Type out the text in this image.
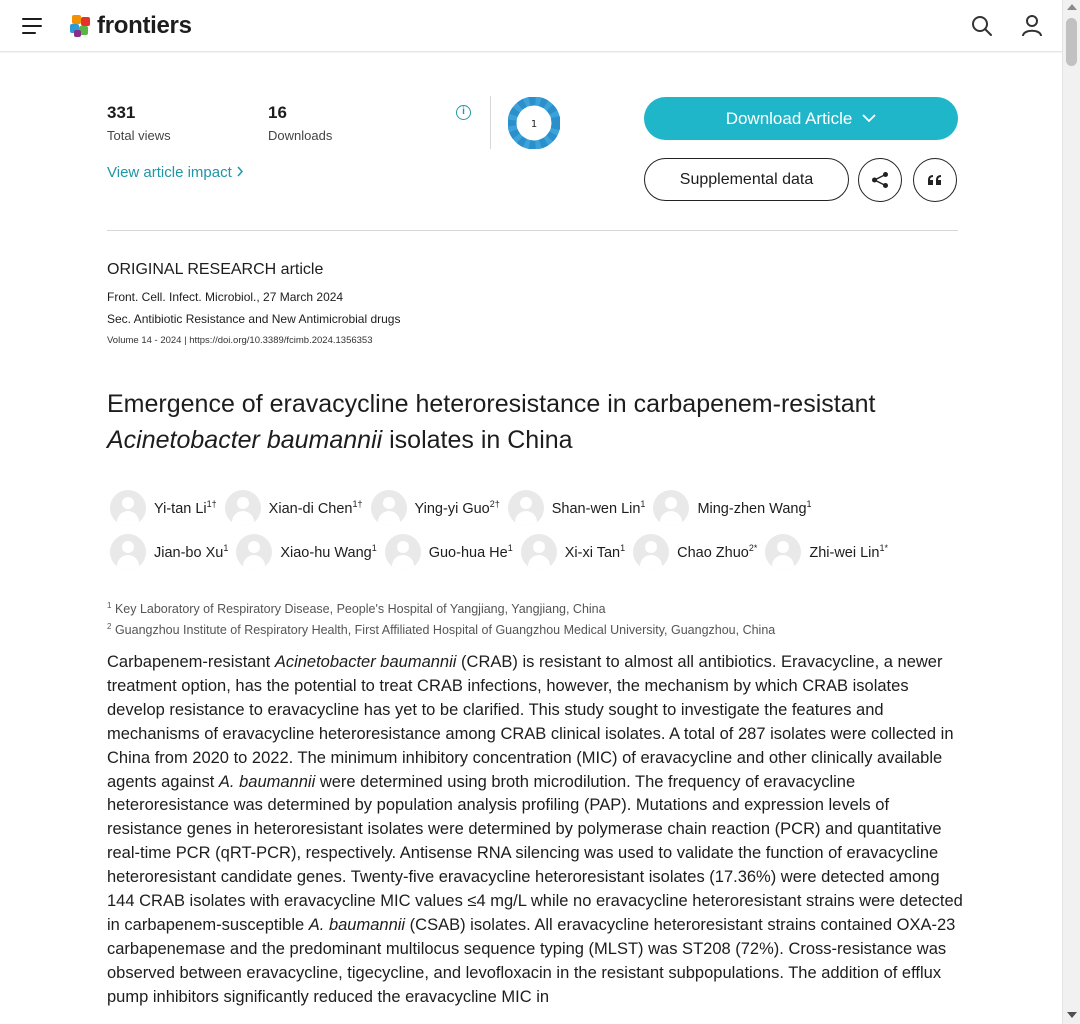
frontiers
331
Total views
16
Downloads
i
View article impact
1	Download Article
Supplemental data
ORIGINAL RESEARCH article
Front. Cell. Infect. Microbiol., 27 March 2024
Sec. Antibiotic Resistance and New Antimicrobial drugs
Volume 14 - 2024 | https://doi.org/10.3389/fcimb.2024.1356353
Emergence of eravacycline heteroresistance in carbapenem-resistant Acinetobacter baumannii isolates in China
Yi-tan $Li^{1\dagger}$	Xian-di Chen$^{1\dagger}$	Ying-yi Guo$^{2\dagger}$	Shan-wen Lin$^1$	Ming-zhen Wang$^1$
Jian-bo Xu$^1$	Xiao-hu Wang$^1$	Guo-hua He$^1$	Xi-xi Tan$^1$	Chao Zhuo$^{2*}$	Zhi-wei Lin$^{1*}$
$^1$ Key Laboratory of Respiratory Disease, People's Hospital of Yangjiang, Yangjiang, China
$^2$ Guangzhou Institute of Respiratory Health, First Affiliated Hospital of Guangzhou Medical University, Guangzhou, China

Carbapenem-resistant Acinetobacter baumannii (CRAB) is resistant to almost all antibiotics. Eravacycline, a newer treatment option, has the potential to treat CRAB infections, however, the mechanism by which CRAB isolates develop resistance to eravacycline has yet to be clarified. This study sought to investigate the features and mechanisms of eravacycline heteroresistance among CRAB clinical isolates. A total of 287 isolates were collected in China from 2020 to 2022. The minimum inhibitory concentration (MIC) of eravacycline and other clinically available agents against A. baumannii were determined using broth microdilution. The frequency of eravacycline heteroresistance was determined by population analysis profiling (PAP). Mutations and expression levels of resistance genes in heteroresistant isolates were determined by polymerase chain reaction (PCR) and quantitative real-time PCR (qRT-PCR), respectively. Antisense RNA silencing was used to validate the function of eravacycline heteroresistant candidate genes. Twenty-five eravacycline heteroresistant isolates (17.36%) were detected among 144 CRAB isolates with eravacycline MIC values ≤4 mg/L while no eravacycline heteroresistant strains were detected in carbapenem-susceptible A. baumannii (CSAB) isolates. All eravacycline heteroresistant strains contained OXA-23 carbapenemase and the predominant multilocus sequence typing (MLST) was ST208 (72%). Cross-resistance was observed between eravacycline, tigecycline, and levofloxacin in the resistant subpopulations. The addition of efflux pump inhibitors significantly reduced the eravacycline MIC in
